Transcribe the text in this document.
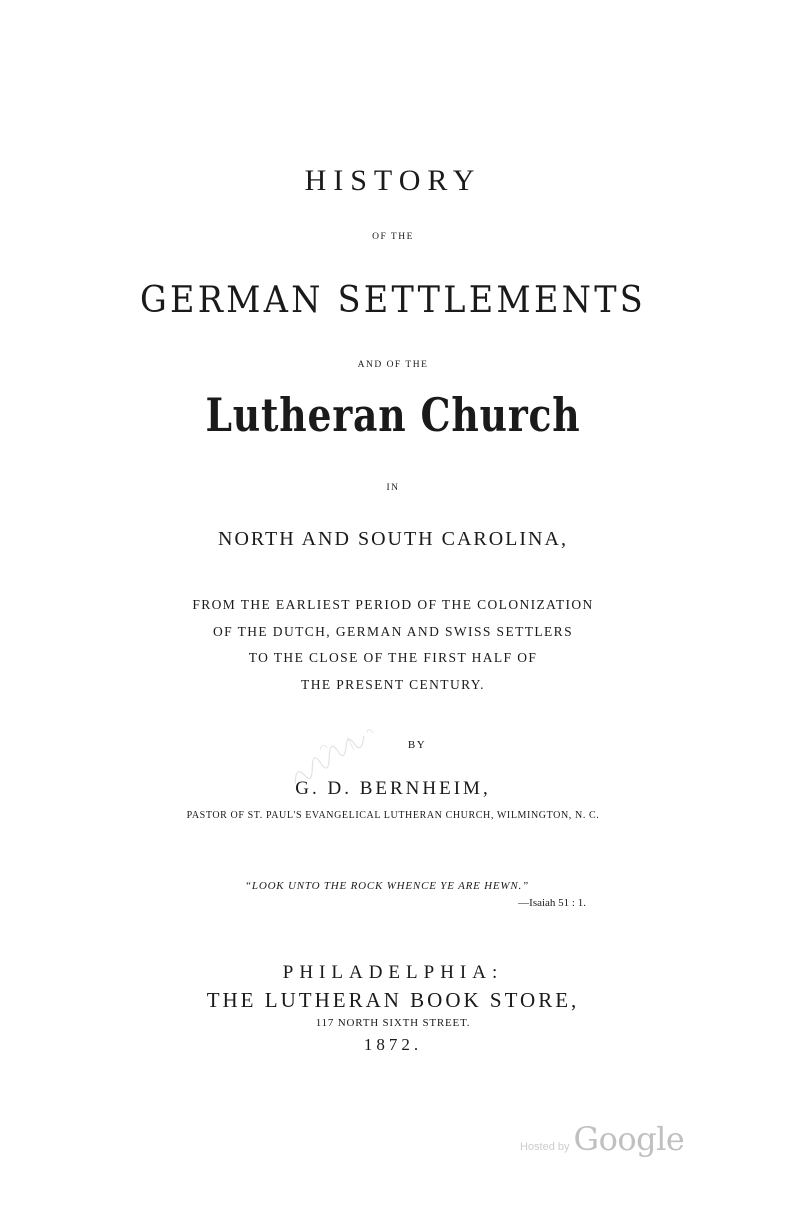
HISTORY
OF THE
GERMAN SETTLEMENTS
AND OF THE
Lutheran Church
IN
NORTH AND SOUTH CAROLINA,
FROM THE EARLIEST PERIOD OF THE COLONIZATION
OF THE DUTCH, GERMAN AND SWISS SETTLERS
TO THE CLOSE OF THE FIRST HALF OF
THE PRESENT CENTURY.
BY
G. D. BERNHEIM,
PASTOR OF ST. PAUL'S EVANGELICAL LUTHERAN CHURCH, WILMINGTON, N. C.
“LOOK UNTO THE ROCK WHENCE YE ARE HEWN.”
—Isaiah 51 : 1.
PHILADELPHIA:
THE LUTHERAN BOOK STORE,
117 NORTH SIXTH STREET.
1872.
Hosted by Google
